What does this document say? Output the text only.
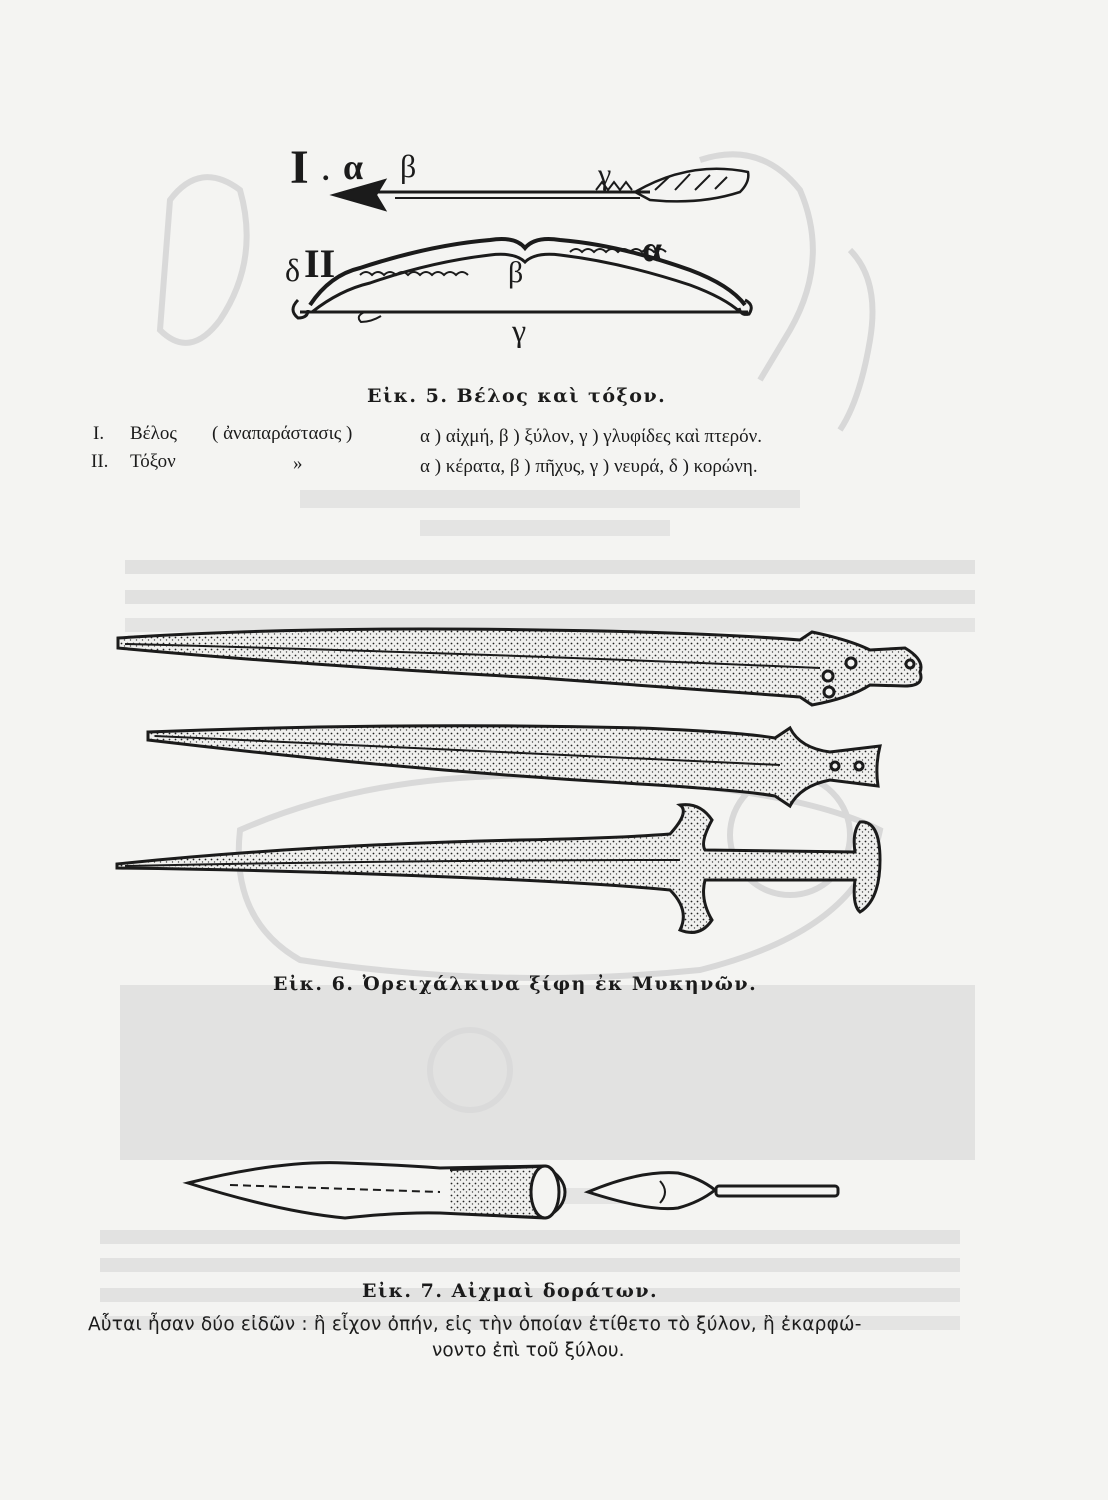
I . α β	γ
δ II	α
β
γ
Εἰκ. 5. Βέλος καὶ τόξον.
I. Βέλος ( ἀναπαράστασις )	α ) αἰχμή, β ) ξύλον, γ ) γλυφίδες καὶ πτερόν.
II. Τόξον	»	α ) κέρατα, β ) πῆχυς, γ ) νευρά, δ ) κορώνη.
Εἰκ. 6. Ὀρειχάλκινα ξίφη ἐκ Μυκηνῶν.
Εἰκ. 7. Αἰχμαὶ δοράτων.
Αὗται ἦσαν δύο εἰδῶν : ἢ εἶχον ὀπήν, εἰς τὴν ὁποίαν ἐτίθετο τὸ ξύλον, ἢ ἐκαρφώ-
νοντο ἐπὶ τοῦ ξύλου.
